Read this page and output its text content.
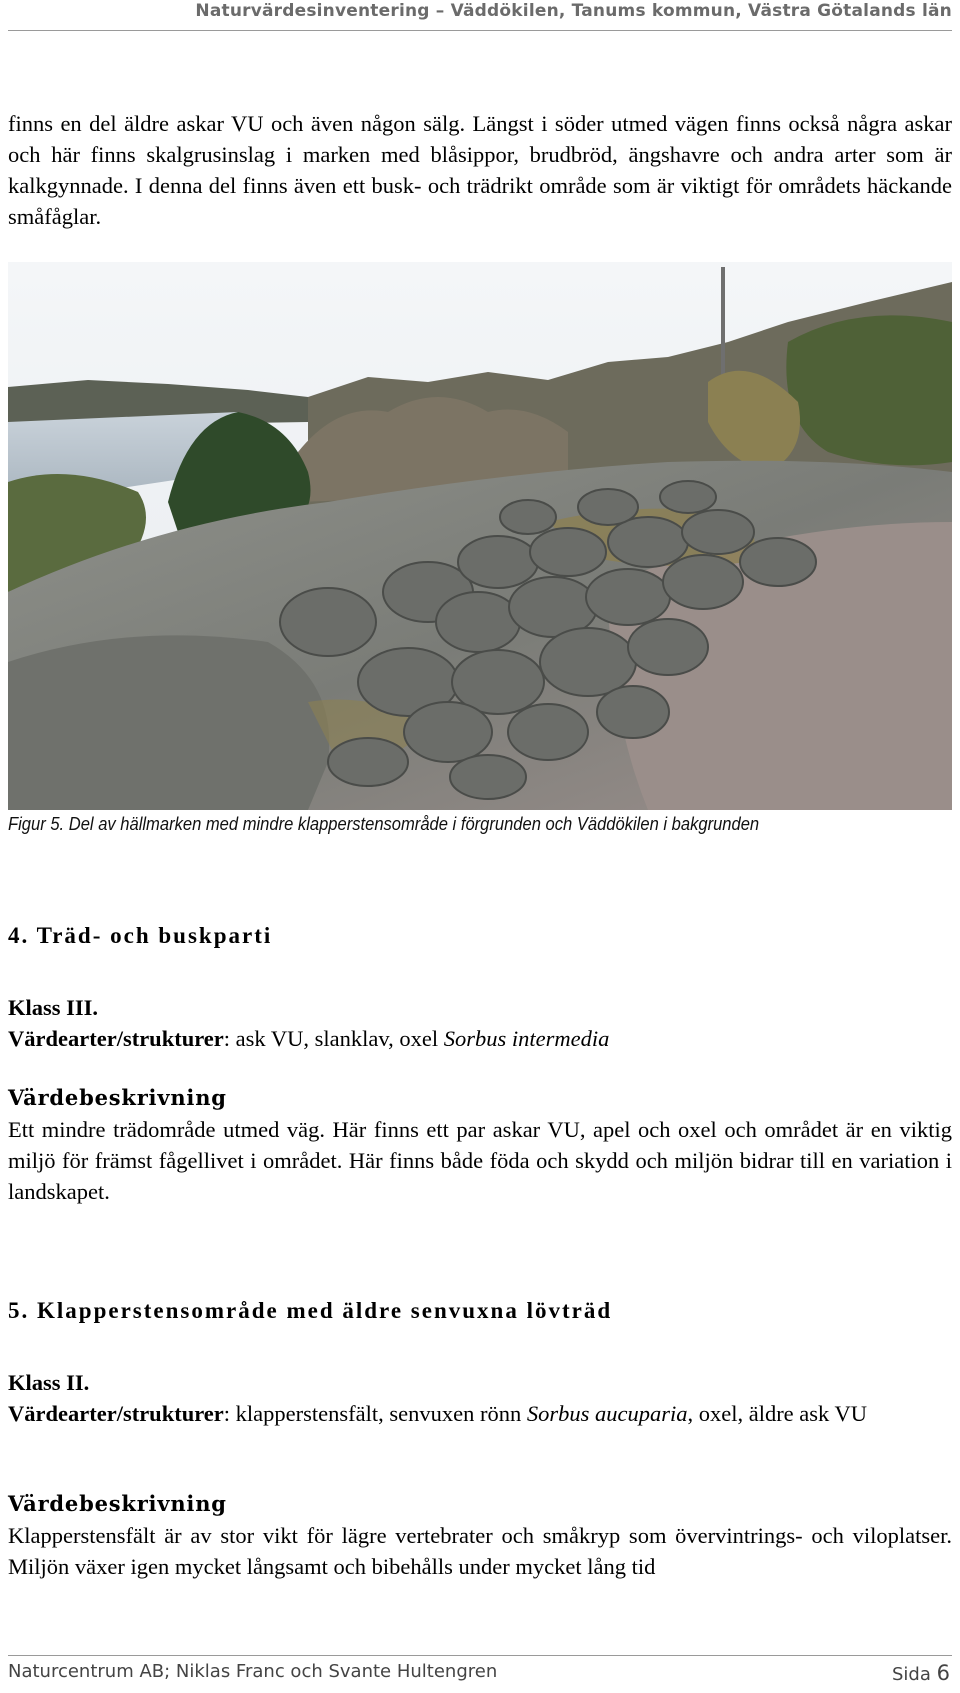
Naturvärdesinventering – Väddökilen, Tanums kommun, Västra Götalands län

finns en del äldre askar VU och även någon sälg. Längst i söder utmed vägen finns också några askar och här finns skalgrusinslag i marken med blåsippor, brudbröd, ängshavre och andra arter som är kalkgynnade. I denna del finns även ett busk- och trädrikt område som är viktigt för områdets häckande småfåglar.

Figur 5. Del av hällmarken med mindre klapperstensområde i förgrunden och Väddökilen i bakgrunden
4. Träd- och buskparti

Klass III.

Värdearter/strukturer: ask VU, slanklav, oxel Sorbus intermedia

Värdebeskrivning

Ett mindre trädområde utmed väg. Här finns ett par askar VU, apel och oxel och området är en viktig miljö för främst fågellivet i området. Här finns både föda och skydd och miljön bidrar till en variation i landskapet.

5. Klapperstensområde med äldre senvuxna lövträd

Klass II.

Värdearter/strukturer: klapperstensfält, senvuxen rönn Sorbus aucuparia, oxel, äldre ask VU

Värdebeskrivning

Klapperstensfält är av stor vikt för lägre vertebrater och småkryp som övervintrings- och viloplatser. Miljön växer igen mycket långsamt och bibehålls under mycket lång tid

Naturcentrum AB; Niklas Franc och Svante Hultengren	Sida 6
